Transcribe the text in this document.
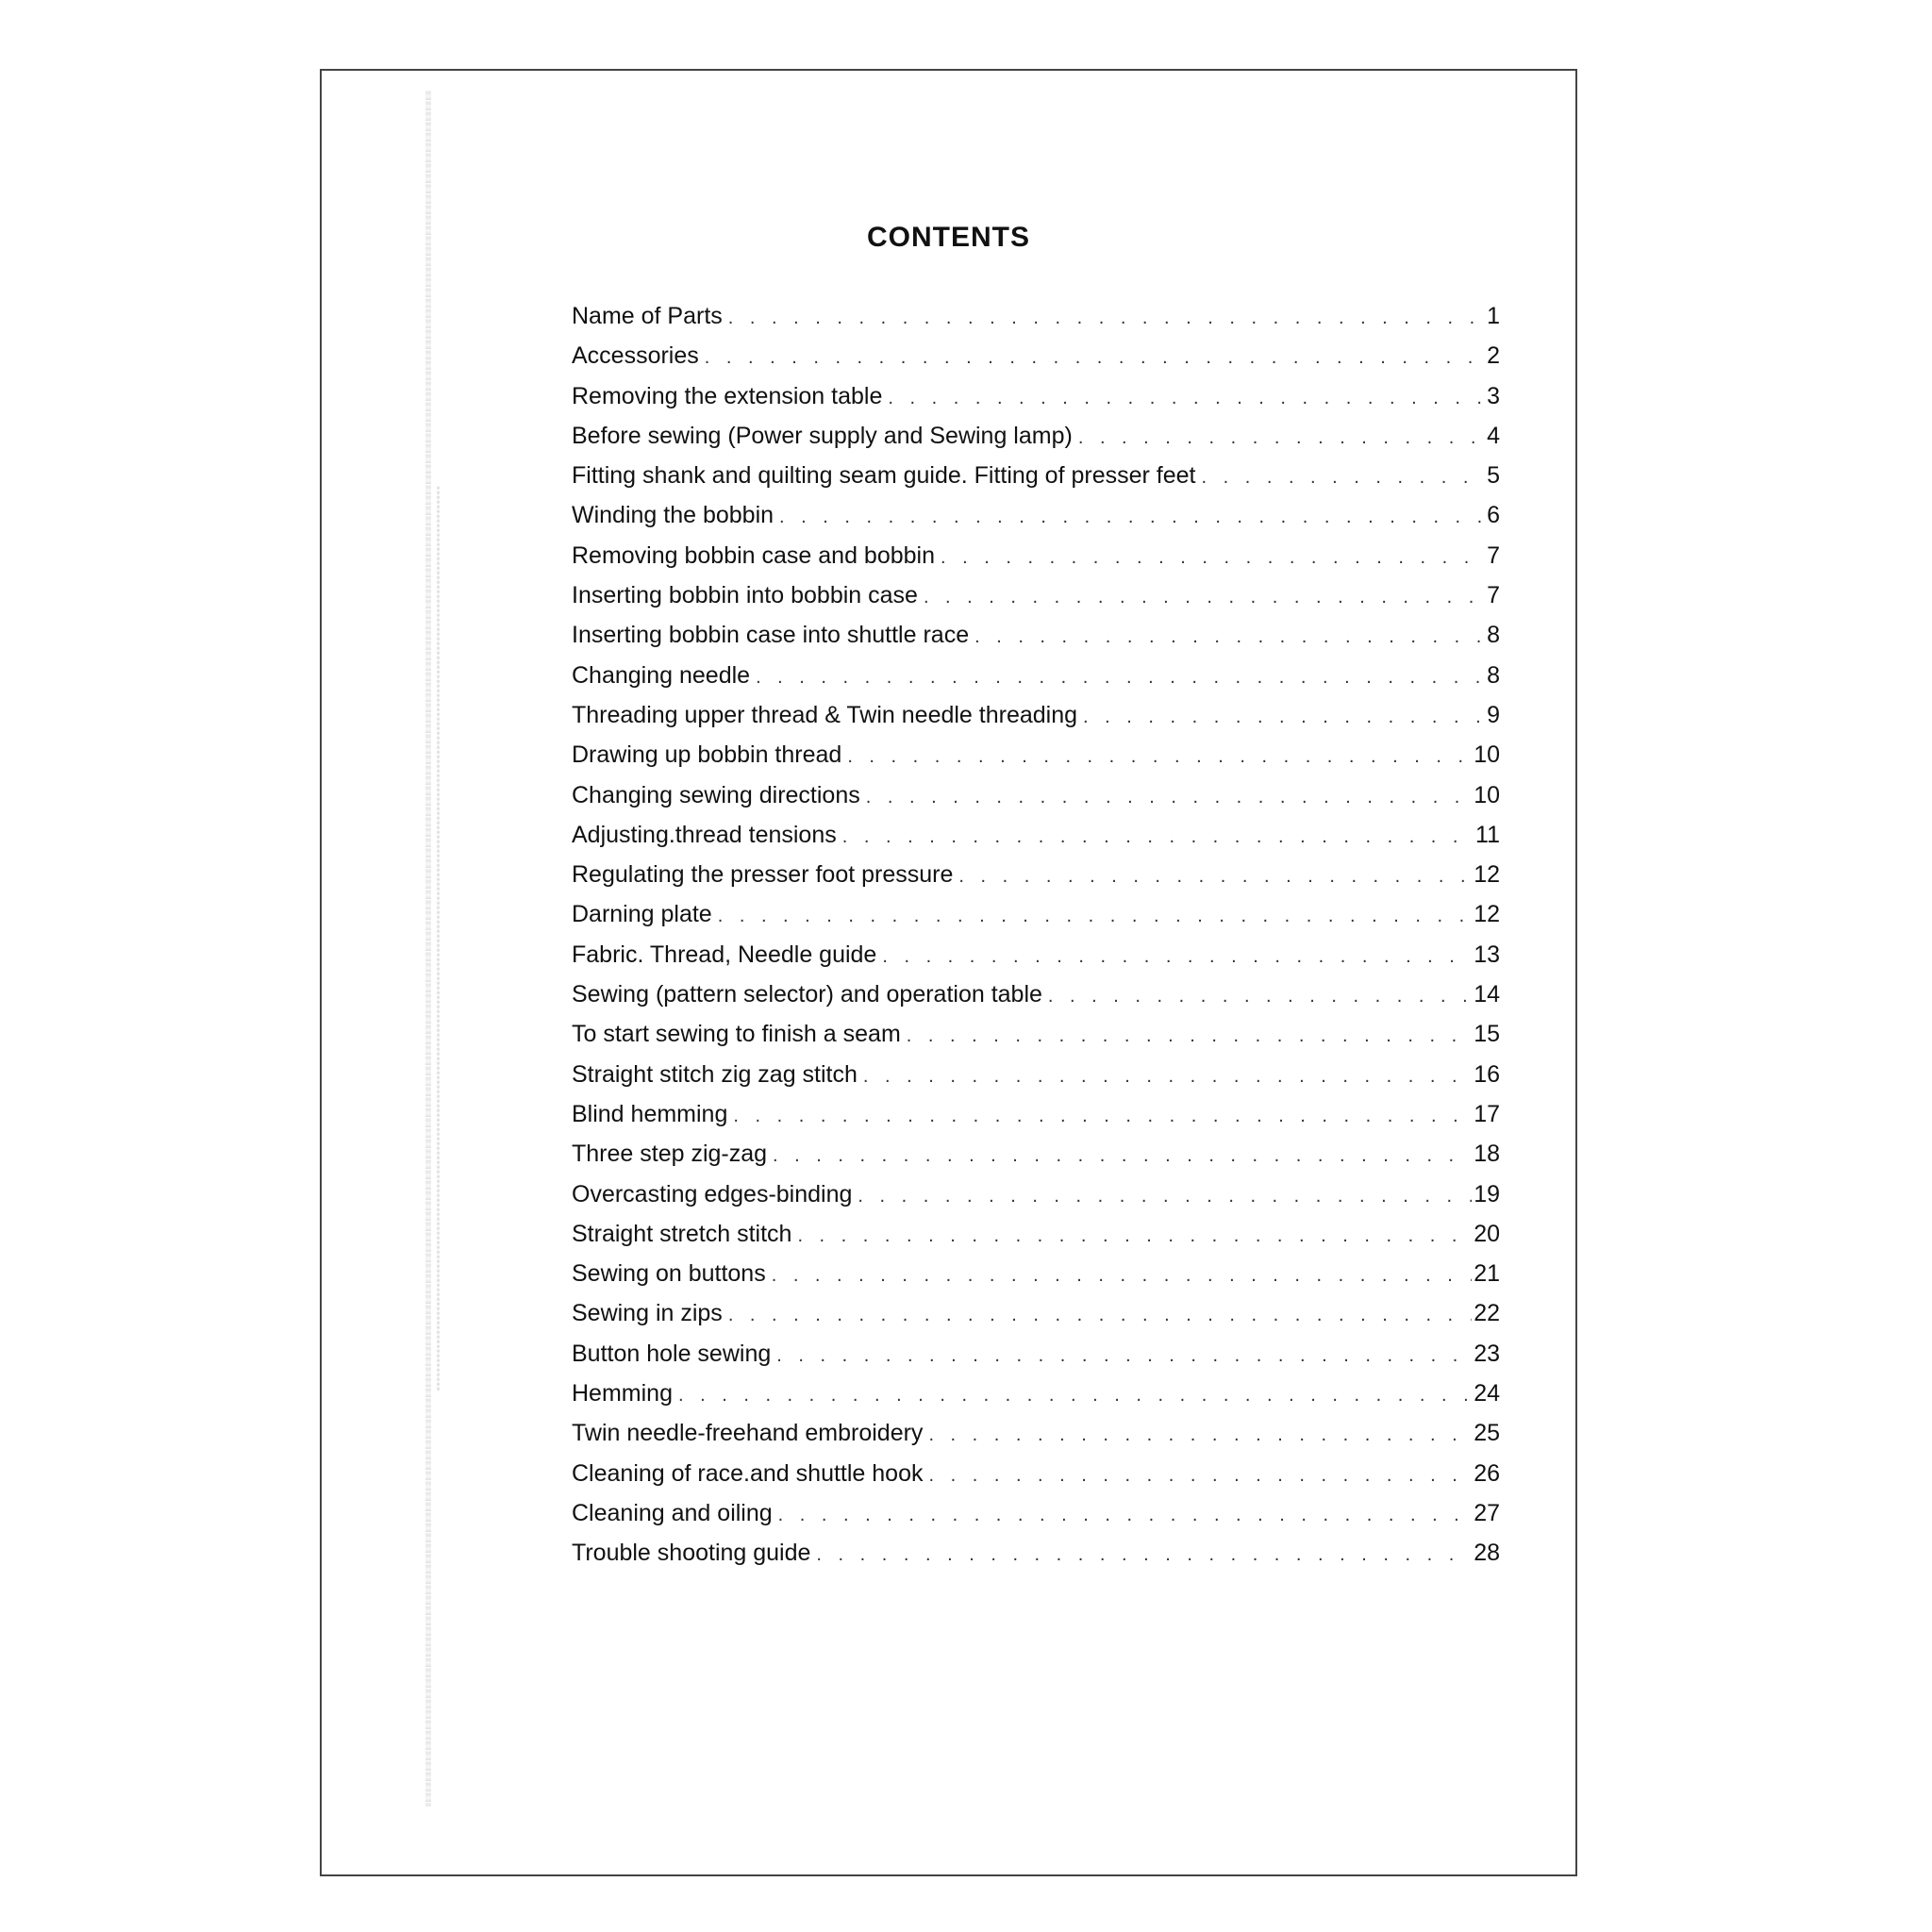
CONTENTS
Name of Parts . . .	1
Accessories . . .	2
Removing the extension table . . .	3
Before sewing (Power supply and Sewing lamp) . . .	4
Fitting shank and quilting seam guide. Fitting of presser feet . . .	5
Winding the bobbin . . .	6
Removing bobbin case and bobbin . . .	7
Inserting bobbin into bobbin case . . .	7
Inserting bobbin case into shuttle race . . .	8
Changing needle . . .	8
Threading upper thread & Twin needle threading . . .	9
Drawing up bobbin thread . . .	10
Changing sewing directions . . .	10
Adjusting.thread tensions . . .	11
Regulating the presser foot pressure . . .	12
Darning plate . . .	12
Fabric. Thread, Needle guide . . .	13
Sewing (pattern selector) and operation table . . .	14
To start sewing to finish a seam . . .	15
Straight stitch zig zag stitch . . .	16
Blind hemming . . .	17
Three step zig-zag . . .	18
Overcasting edges-binding . . .	19
Straight stretch stitch . . .	20
Sewing on buttons . . .	21
Sewing in zips . . .	22
Button hole sewing . . .	23
Hemming . . .	24
Twin needle-freehand embroidery . . .	25
Cleaning of race.and shuttle hook . . .	26
Cleaning and oiling . . .	27
Trouble shooting guide . . .	28
